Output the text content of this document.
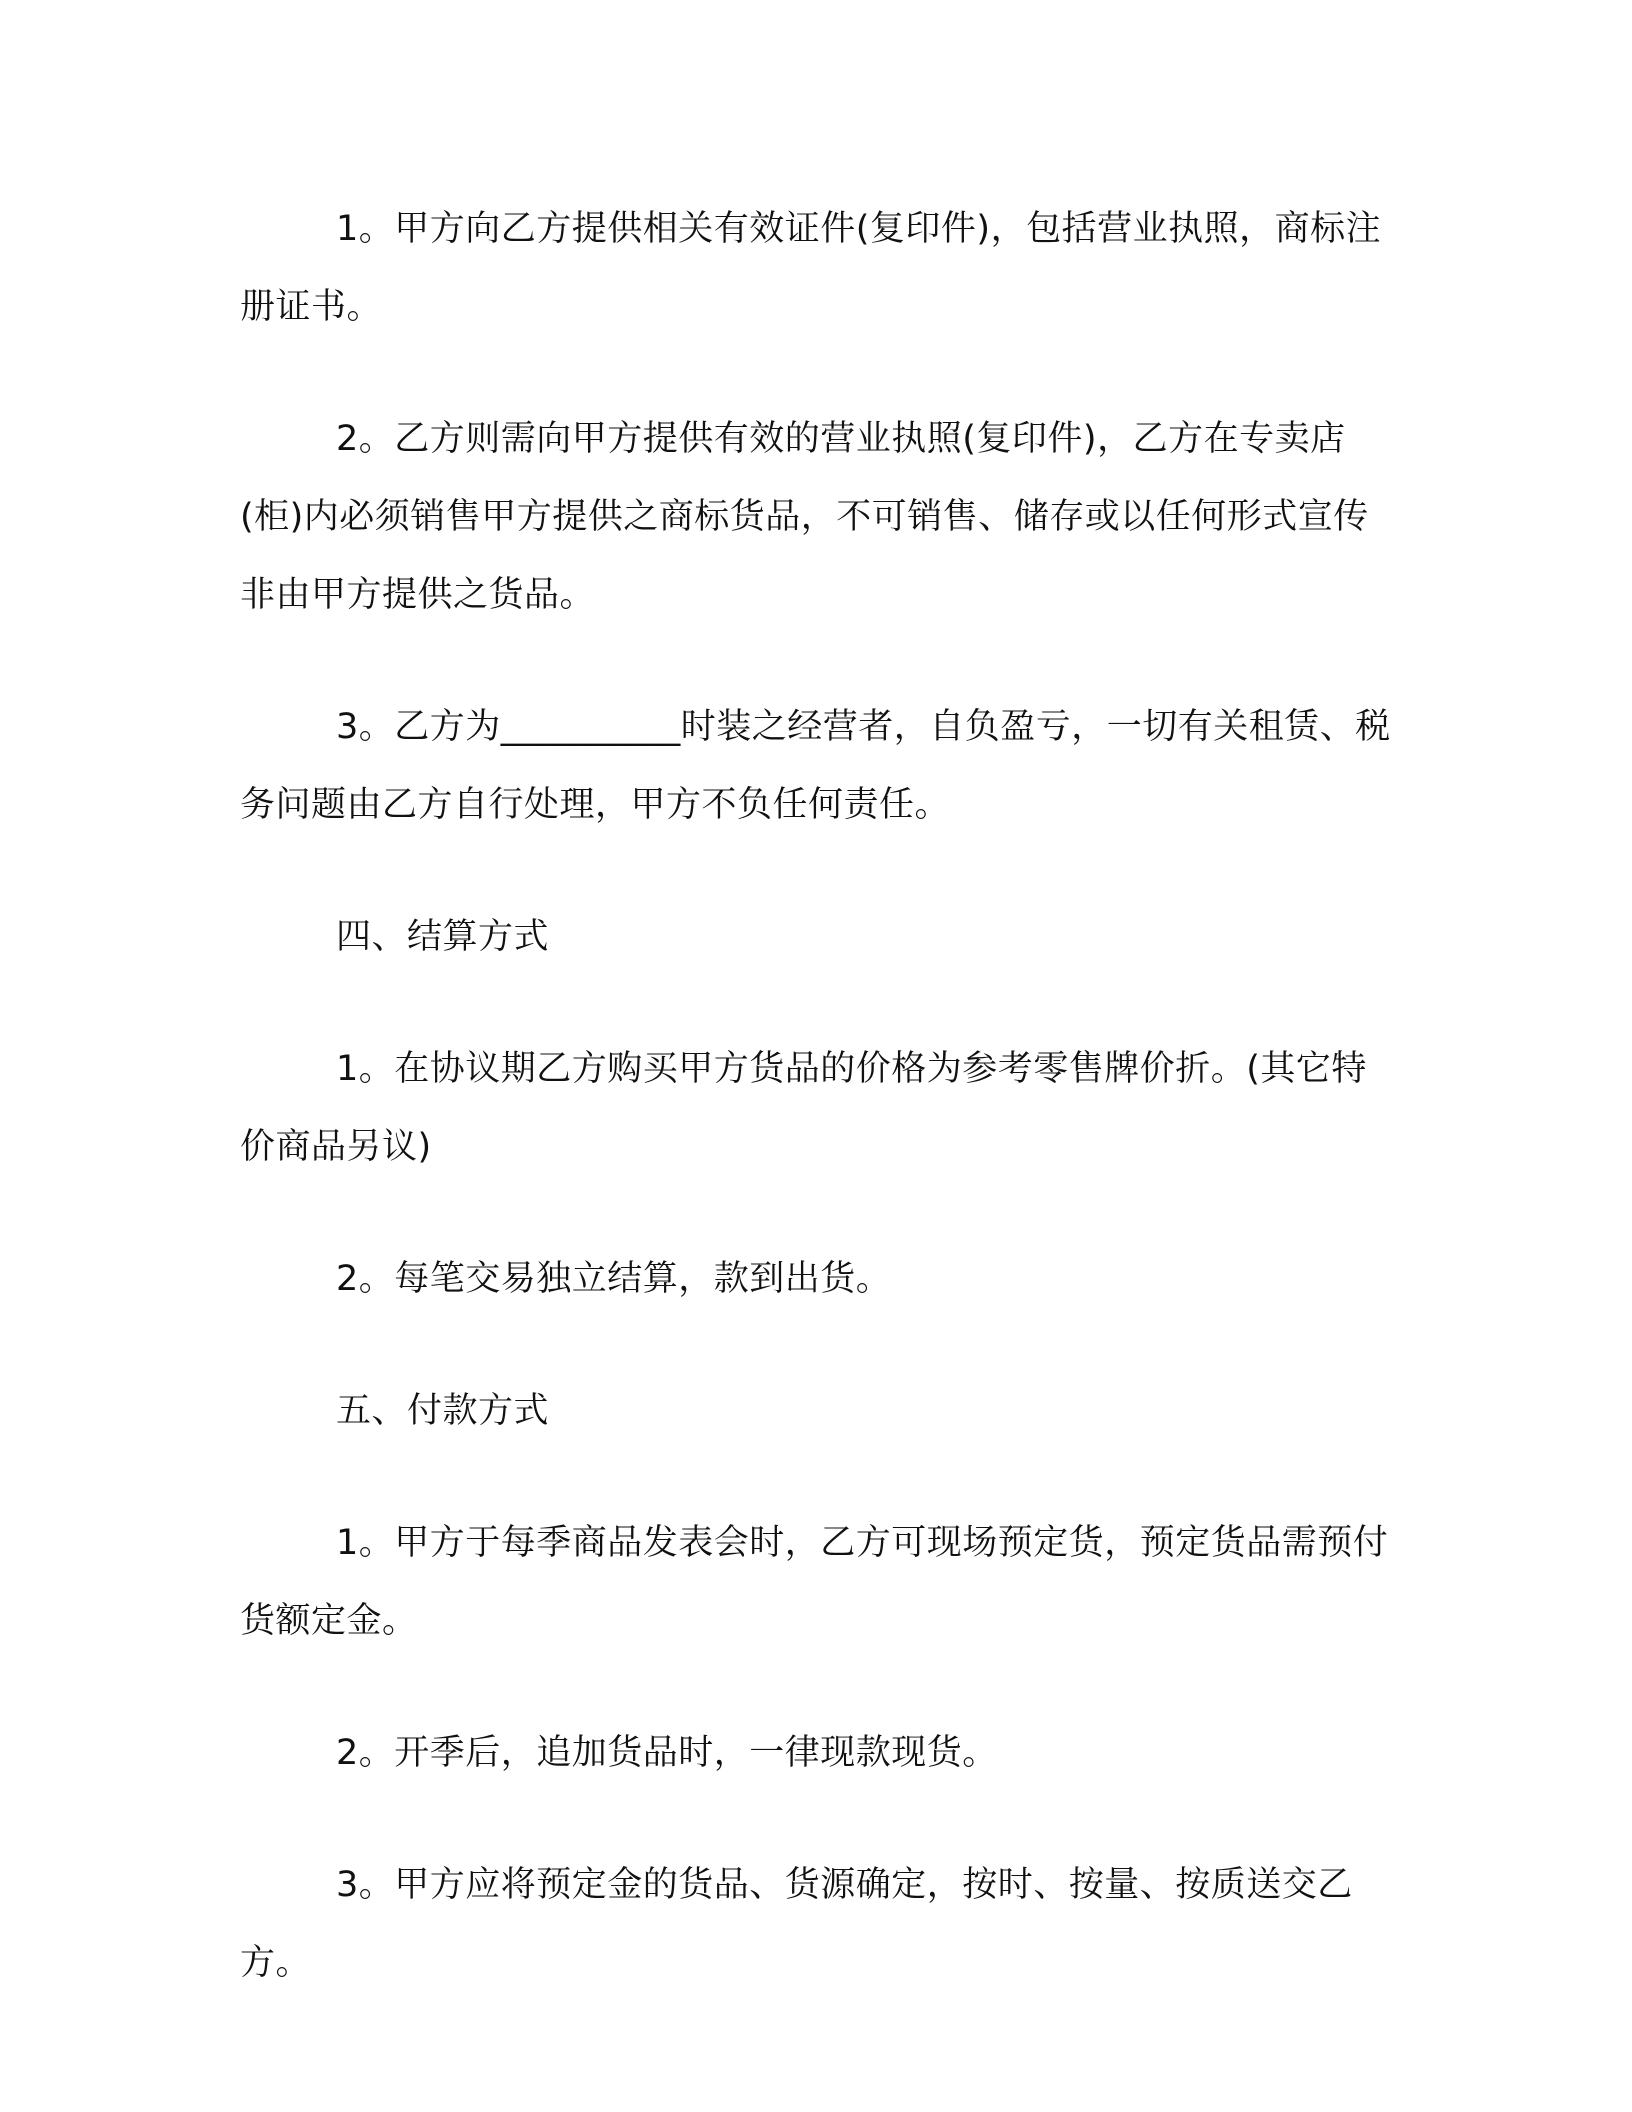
1。甲方向乙方提供相关有效证件(复印件)，包括营业执照，商标注册证书。

2。乙方则需向甲方提供有效的营业执照(复印件)，乙方在专卖店(柜)内必须销售甲方提供之商标货品，不可销售、储存或以任何形式宣传非由甲方提供之货品。

3。乙方为__________时装之经营者，自负盈亏，一切有关租赁、税务问题由乙方自行处理，甲方不负任何责任。

四、结算方式

1。在协议期乙方购买甲方货品的价格为参考零售牌价折。(其它特价商品另议)

2。每笔交易独立结算，款到出货。

五、付款方式

1。甲方于每季商品发表会时，乙方可现场预定货，预定货品需预付货额定金。

2。开季后，追加货品时，一律现款现货。

3。甲方应将预定金的货品、货源确定，按时、按量、按质送交乙方。
